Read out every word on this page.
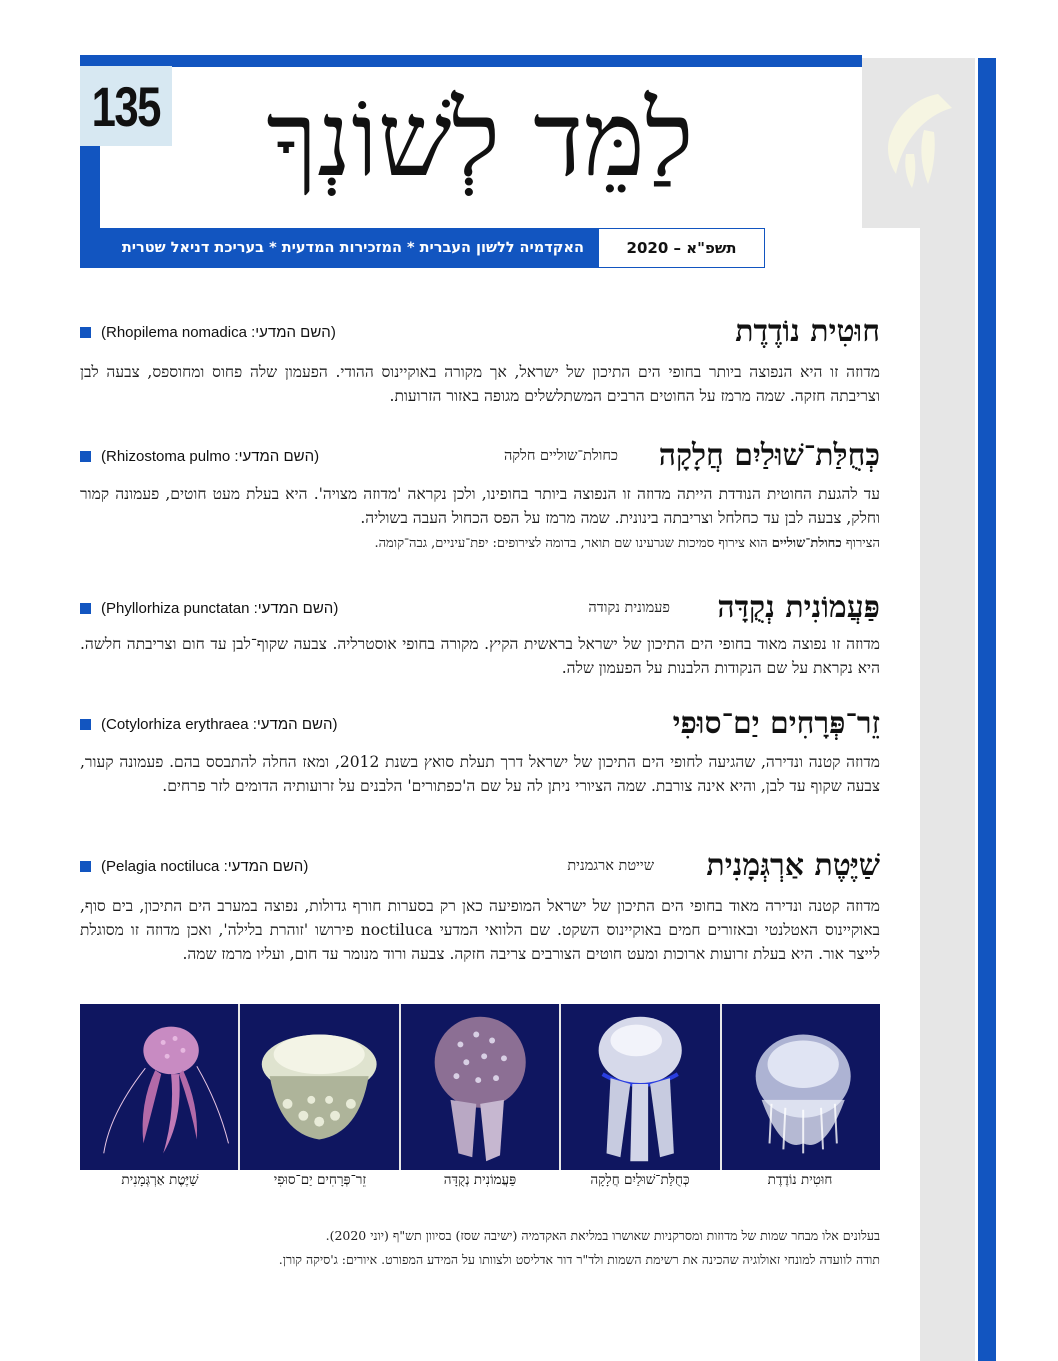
135	לַמֵּד לְשׁוֹנְךָ
תשפ"א – 2020
האקדמיה ללשון העברית * המזכירות המדעית * בעריכת דניאל שטרית
חוּטִית נוֹדֶדֶת
(Rhopilema nomadica :השם המדעי)
מדוזה זו היא הנפוצה ביותר בחופי הים התיכון של ישראל, אך מקורה באוקיינוס ההודי. הפעמון שלה פחוס ומחוספס, צבעה לבן וצריבתה חזקה. שמה מרמז על החוטים הרבים המשתלשלים מגופה באזור הזרועות.
כְּחֻלַּת־שׁוּלַיִם חֲלָקָה
כחולת־שוליים חלקה
(Rhizostoma pulmo :השם המדעי)
עד להגעת החוטית הנודדת הייתה מדוזה זו הנפוצה ביותר בחופינו, ולכן נקראה 'מדוזה מצויה'. היא בעלת מעט חוטים, פעמונה קמור וחלק, צבעה לבן עד כחלחל וצריבתה בינונית. שמה מרמז על הפס הכחול העבה בשוליה.
הצירוף כחולת־שוליים הוא צירוף סמיכות שגרעינו שם תואר, בדומה לצירופים: יפת־עיניים, גבה־קומה.
פַּעֲמוֹנִית נְקֻדָּה
פעמונית נקודה
(Phyllorhiza punctatan :השם המדעי)
מדוזה זו נפוצה מאוד בחופי הים התיכון של ישראל בראשית הקיץ. מקורה בחופי אוסטרליה. צבעה שקוף־לבן עד חום וצריבתה חלשה. היא נקראת על שם הנקודות הלבנות על הפעמון שלה.
זֵר־פְּרָחִים יַם־סוּפִי
(Cotylorhiza erythraea :השם המדעי)
מדוזה קטנה ונדירה, שהגיעה לחופי הים התיכון של ישראל דרך תעלת סואץ בשנת 2012, ומאז החלה להתבסס בהם. פעמונה קעור, צבעה שקוף עד לבן, והיא אינה צורבת. שמה הציורי ניתן לה על שם ה'כפתורים' הלבנים על זרועותיה הדומים לזר פרחים.
שַׁיֶּטֶת אַרְגְּמָנִית
שייטת ארגמנית
(Pelagia noctiluca :השם המדעי)
מדוזה קטנה ונדירה מאוד בחופי הים התיכון של ישראל המופיעה כאן רק בסערות חורף גדולות, נפוצה במערב הים התיכון, בים סוף, באוקיינוס האטלנטי ובאזורים חמים באוקיינוס השקט. שם הלוואי המדעי noctiluca פירושו 'זוהרת בלילה', ואכן מדוזה זו מסוגלת לייצר אור. היא בעלת זרועות ארוכות ומעט חוטים הצורבים צריבה חזקה. צבעה ורוד מנומר עד חום, ועליו מרמז שמה.
חוּטִית נוֹדֶדֶת
כְּחֻלַּת־שׁוּלַיִם חֲלָקָה
פַּעֲמוֹנִית נְקֻדָּה
זֵר־פְּרָחִים יַם־סוּפִי
שַׁיֶּטֶת אַרְגְּמָנִית
בעלונים אלו מבחר שמות של מדוזות ומסרקניות שאושרו במליאת האקדמיה (ישיבה שסז) בסיוון תש"ף (יוני 2020).
תודה לוועדה למונחי זאולוגיה שהכינה את רשימת השמות ולד"ר דור אדליסט ולצוותו על המידע המפורט. איורים: ג'סיקה קורן.
